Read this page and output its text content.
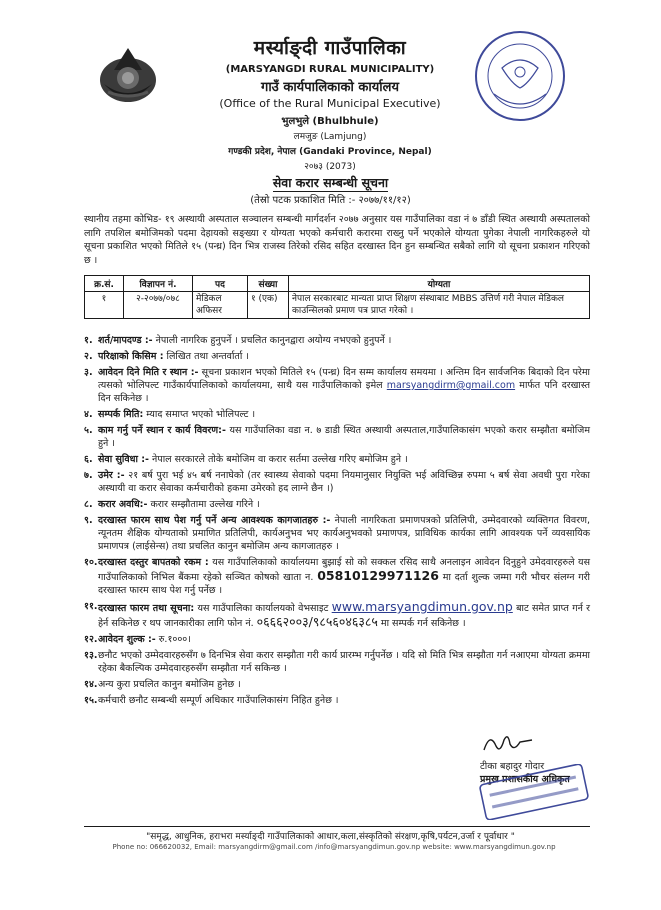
मर्स्याङ्दी गाउँपालिका
(MARSYANGDI RURAL MUNICIPALITY)
गाउँ कार्यपालिकाको कार्यालय
(Office of the Rural Municipal Executive)
भुलभुले (Bhulbhule)
लमजुङ (Lamjung)
गण्डकी प्रदेश, नेपाल (Gandaki Province, Nepal)
२०७३ (2073)
सेवा करार सम्बन्धी सूचना
(तेस्रो पटक प्रकाशित मिति :- २०७७/११/१२)
स्थानीय तहमा कोभिड- १९ अस्थायी अस्पताल सञ्चालन सम्बन्धी मार्गदर्शन २०७७ अनुसार यस गाउँपालिका वडा नं ७ डाँडी स्थित अस्थायी अस्पतालको लागि तपशिल बमोजिमको पदमा देहायको सङ्ख्या र योग्यता भएको कर्मचारी करारमा राख्नु पर्ने भएकोले योग्यता पुगेका नेपाली नागरिकहरुले यो सूचना प्रकाशित भएको मितिले १५ (पन्ध्र) दिन भित्र राजस्व तिरेको रसिद सहित दरखास्त दिन हुन सम्बन्धित सबैको लागि यो सूचना प्रकाशन गरिएको छ ।
क्र.सं.	विज्ञापन नं.	पद	संख्या	योग्यता
१	२-२०७७/०७८	मेडिकल अफिसर	१ (एक)	नेपाल सरकारबाट मान्यता प्राप्त शिक्षण संस्थाबाट MBBS उत्तिर्ण गरी नेपाल मेडिकल काउन्सिलको प्रमाण पत्र प्राप्त गरेको ।
१. शर्त/मापदण्ड :- नेपाली नागरिक हुनुपर्ने । प्रचलित कानुनद्वारा अयोग्य नभएको हुनुपर्ने ।
२. परिक्षाको किसिम : लिखित तथा अन्तर्वार्ता ।
३. आवेदन दिने मिति र स्थान :- सूचना प्रकाशन भएको मितिले १५ (पन्ध्र) दिन सम्म कार्यालय समयमा । अन्तिम दिन सार्वजनिक बिदाको दिन परेमा त्यसको भोलिपल्ट गाउँकार्यपालिकाको कार्यालयमा, साथै यस गाउँपालिकाको इमेल marsyangdirm@gmail.com मार्फत पनि दरखास्त दिन सकिनेछ ।
४. सम्पर्क मिति: म्याद समाप्त भएको भोलिपल्ट ।
५. काम गर्नु पर्ने स्थान र कार्य विवरण:- यस गाउँपालिका वडा न. ७ डाडी स्थित अस्थायी अस्पताल,गाउँपालिकासंग भएको करार सम्झौता बमोजिम हुने ।
६. सेवा सुविधा :- नेपाल सरकारले तोके बमोजिम वा करार सर्तमा उल्लेख गरिए बमोजिम हुने ।
७. उमेर :- २१ बर्ष पुरा भई ४५ बर्ष ननाघेको (तर स्वास्थ्य सेवाको पदमा नियमानुसार नियुक्ति भई अविच्छिन्न रुपमा ५ बर्ष सेवा अवधी पुरा गरेका अस्थायी वा करार सेवाका कर्मचारीको हकमा उमेरको हद लाग्ने छैन ।)
८. करार अवधि:- करार सम्झौतामा उल्लेख गरिने ।
९. दरखास्त फारम साथ पेश गर्नु पर्ने अन्य आवश्यक कागजातहरु :- नेपाली नागरिकता प्रमाणपत्रको प्रतिलिपी, उम्मेदवारको व्यक्तिगत विवरण, न्यूनतम शैक्षिक योग्यताको प्रमाणित प्रतिलिपी, कार्यअनुभव भए कार्यअनुभवको प्रमाणपत्र, प्राविधिक कार्यका लागि आवश्यक पर्ने व्यवसायिक प्रमाणपत्र (लाईसेन्स) तथा प्रचलित कानुन बमोजिम अन्य कागजातहरु ।
१०. दरखास्त दस्तुर बापतको रकम : यस गाउँपालिकाको कार्यालयमा बुझाई सो को सक्कल रसिद साथै अनलाइन आवेदन दिनुहुने उमेदवारहरुले यस गाउँपालिकाको निभिल बैंकमा रहेको सञ्चित कोषको खाता न. 05810129971126 मा दर्ता शुल्क जम्मा गरी भौचर संलग्न गरी दरखास्त फारम साथ पेश गर्नु पर्नेछ ।
११. दरखास्त फारम तथा सूचना: यस गाउँपालिका कार्यालयको वेभसाइट www.marsyangdimun.gov.np बाट समेत प्राप्त गर्न र हेर्न सकिनेछ र थप जानकारीका लागि फोन नं. ०६६६२००३/९८५६०४६३८५ मा सम्पर्क गर्न सकिनेछ ।
१२. आवेदन शुल्क :- रु.१०००।
१३. छनौट भएको उम्मेदवारहरुसँग ७ दिनभित्र सेवा करार सम्झौता गरी कार्य प्रारम्भ गर्नुपर्नेछ । यदि सो मिति भित्र सम्झौता गर्न नआएमा योग्यता क्रममा रहेका बैकल्पिक उम्मेदवारहरुसँग सम्झौता गर्न सकिन्छ ।
१४. अन्य कुरा प्रचलित कानुन बमोजिम हुनेछ ।
१५. कर्मचारी छनौट सम्बन्धी सम्पूर्ण अधिकार गाउँपालिकासंग निहित हुनेछ ।
टीका बहादुर गोदार
प्रमुख प्रशासकीय अधिकृत
"समृद्ध, आधुनिक, हराभरा मर्स्याङ्दी गाउँपालिकाको आधार,कला,संस्कृतिको संरक्षण,कृषि,पर्यटन,उर्जा र पूर्वाधार "
Phone no: 066620032, Email: marsyangdirm@gmail.com /info@marsyangdimun.gov.np website: www.marsyangdimun.gov.np
